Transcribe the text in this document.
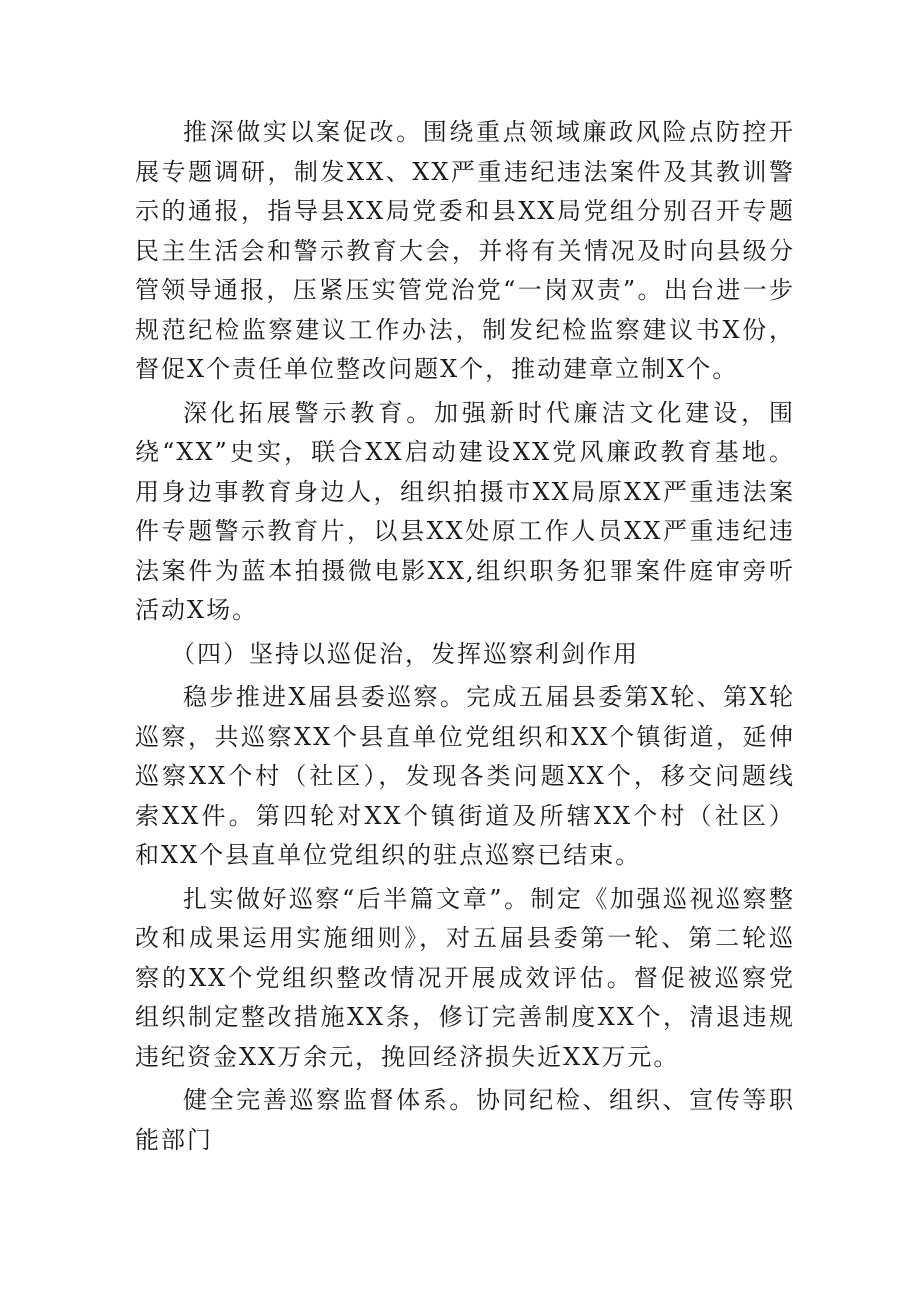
推深做实以案促改。围绕重点领域廉政风险点防控开展专题调研，制发XX、XX严重违纪违法案件及其教训警示的通报，指导县XX局党委和县XX局党组分别召开专题民主生活会和警示教育大会，并将有关情况及时向县级分管领导通报，压紧压实管党治党“一岗双责”。出台进一步规范纪检监察建议工作办法，制发纪检监察建议书X份，督促X个责任单位整改问题X个，推动建章立制X个。

深化拓展警示教育。加强新时代廉洁文化建设，围绕“XX”史实，联合XX启动建设XX党风廉政教育基地。用身边事教育身边人，组织拍摄市XX局原XX严重违法案件专题警示教育片，以县XX处原工作人员XX严重违纪违法案件为蓝本拍摄微电影XX,组织职务犯罪案件庭审旁听活动X场。

（四）坚持以巡促治，发挥巡察利剑作用

稳步推进X届县委巡察。完成五届县委第X轮、第X轮巡察，共巡察XX个县直单位党组织和XX个镇街道，延伸巡察XX个村（社区），发现各类问题XX个，移交问题线索XX件。第四轮对XX个镇街道及所辖XX个村（社区）和XX个县直单位党组织的驻点巡察已结束。

扎实做好巡察“后半篇文章”。制定《加强巡视巡察整改和成果运用实施细则》，对五届县委第一轮、第二轮巡察的XX个党组织整改情况开展成效评估。督促被巡察党组织制定整改措施XX条，修订完善制度XX个，清退违规违纪资金XX万余元，挽回经济损失近XX万元。

健全完善巡察监督体系。协同纪检、组织、宣传等职能部门
